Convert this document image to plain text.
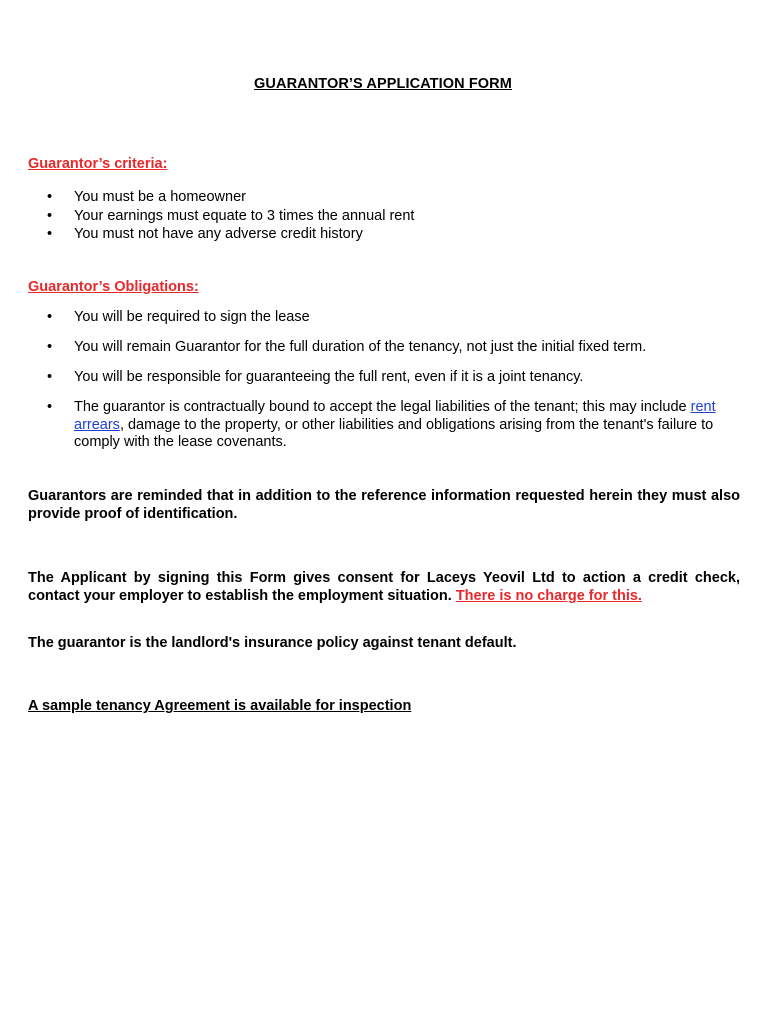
GUARANTOR’S APPLICATION FORM
Guarantor’s criteria:
• You must be a homeowner
• Your earnings must equate to 3 times the annual rent
• You must not have any adverse credit history
Guarantor’s Obligations:
• You will be required to sign the lease
• You will remain Guarantor for the full duration of the tenancy, not just the initial fixed term.
• You will be responsible for guaranteeing the full rent, even if it is a joint tenancy.
• The guarantor is contractually bound to accept the legal liabilities of the tenant; this may include rent arrears, damage to the property, or other liabilities and obligations arising from the tenant's failure to comply with the lease covenants.
Guarantors are reminded that in addition to the reference information requested herein they must also provide proof of identification.
The Applicant by signing this Form gives consent for Laceys Yeovil Ltd to action a credit check, contact your employer to establish the employment situation. There is no charge for this.
The guarantor is the landlord's insurance policy against tenant default.
A sample tenancy Agreement is available for inspection
